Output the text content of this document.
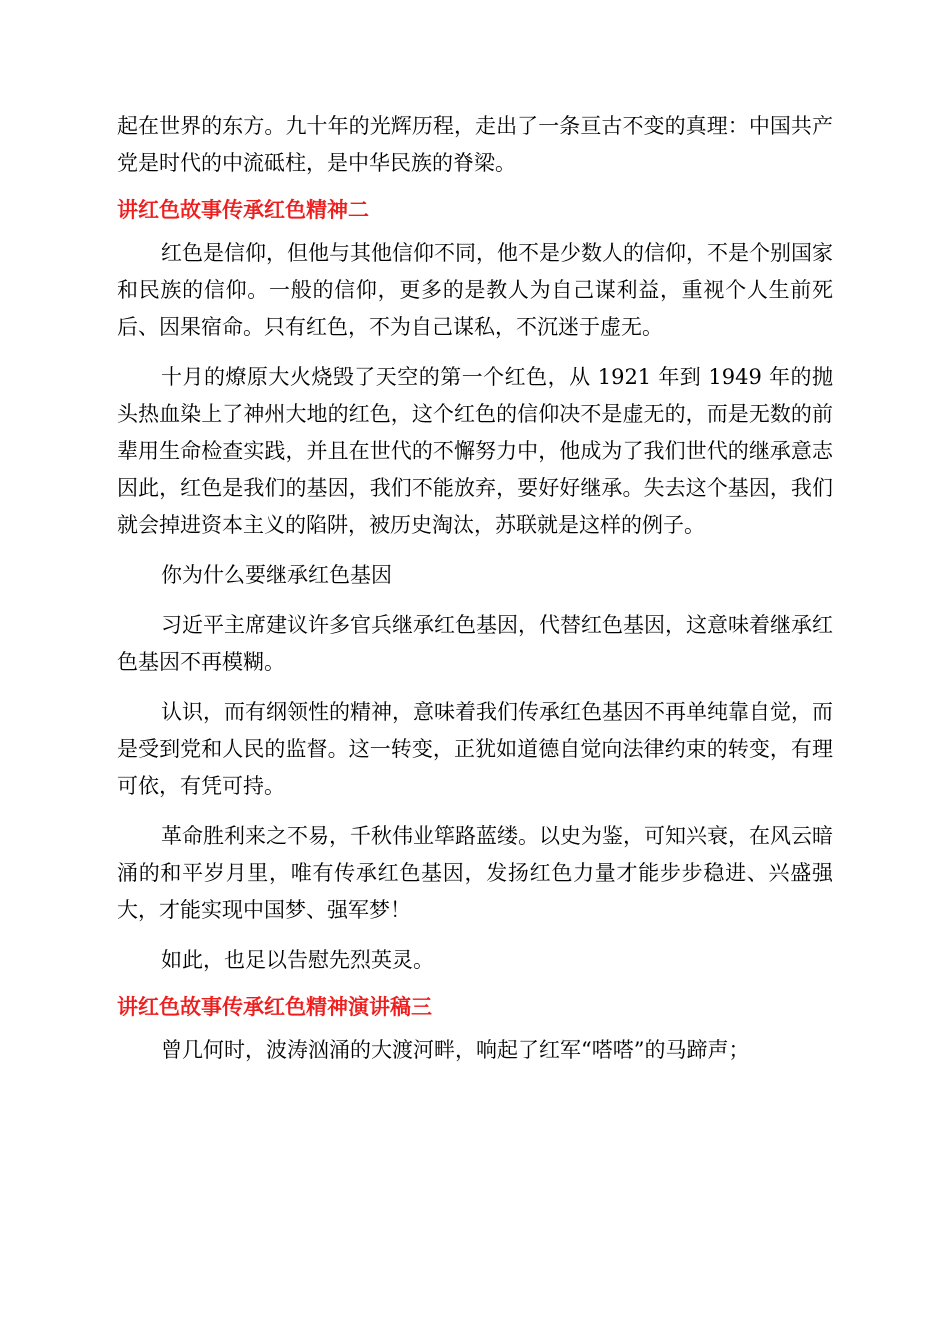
起在世界的东方。九十年的光辉历程，走出了一条亘古不变的真理：中国共产党是时代的中流砥柱，是中华民族的脊梁。

讲红色故事传承红色精神二

红色是信仰，但他与其他信仰不同，他不是少数人的信仰，不是个别国家和民族的信仰。一般的信仰，更多的是教人为自己谋利益，重视个人生前死后、因果宿命。只有红色，不为自己谋私，不沉迷于虚无。

十月的燎原大火烧毁了天空的第一个红色，从 1921 年到 1949 年的抛头热血染上了神州大地的红色，这个红色的信仰决不是虚无的，而是无数的前辈用生命检查实践，并且在世代的不懈努力中，他成为了我们世代的继承意志因此，红色是我们的基因，我们不能放弃，要好好继承。失去这个基因，我们就会掉进资本主义的陷阱，被历史淘汰，苏联就是这样的例子。

你为什么要继承红色基因

习近平主席建议许多官兵继承红色基因，代替红色基因，这意味着继承红色基因不再模糊。

认识，而有纲领性的精神，意味着我们传承红色基因不再单纯靠自觉，而是受到党和人民的监督。这一转变，正犹如道德自觉向法律约束的转变，有理可依，有凭可持。

革命胜利来之不易，千秋伟业筚路蓝缕。以史为鉴，可知兴衰，在风云暗涌的和平岁月里，唯有传承红色基因，发扬红色力量才能步步稳进、兴盛强大，才能实现中国梦、强军梦！

如此，也足以告慰先烈英灵。

讲红色故事传承红色精神演讲稿三

曾几何时，波涛汹涌的大渡河畔，响起了红军“嗒嗒”的马蹄声；
